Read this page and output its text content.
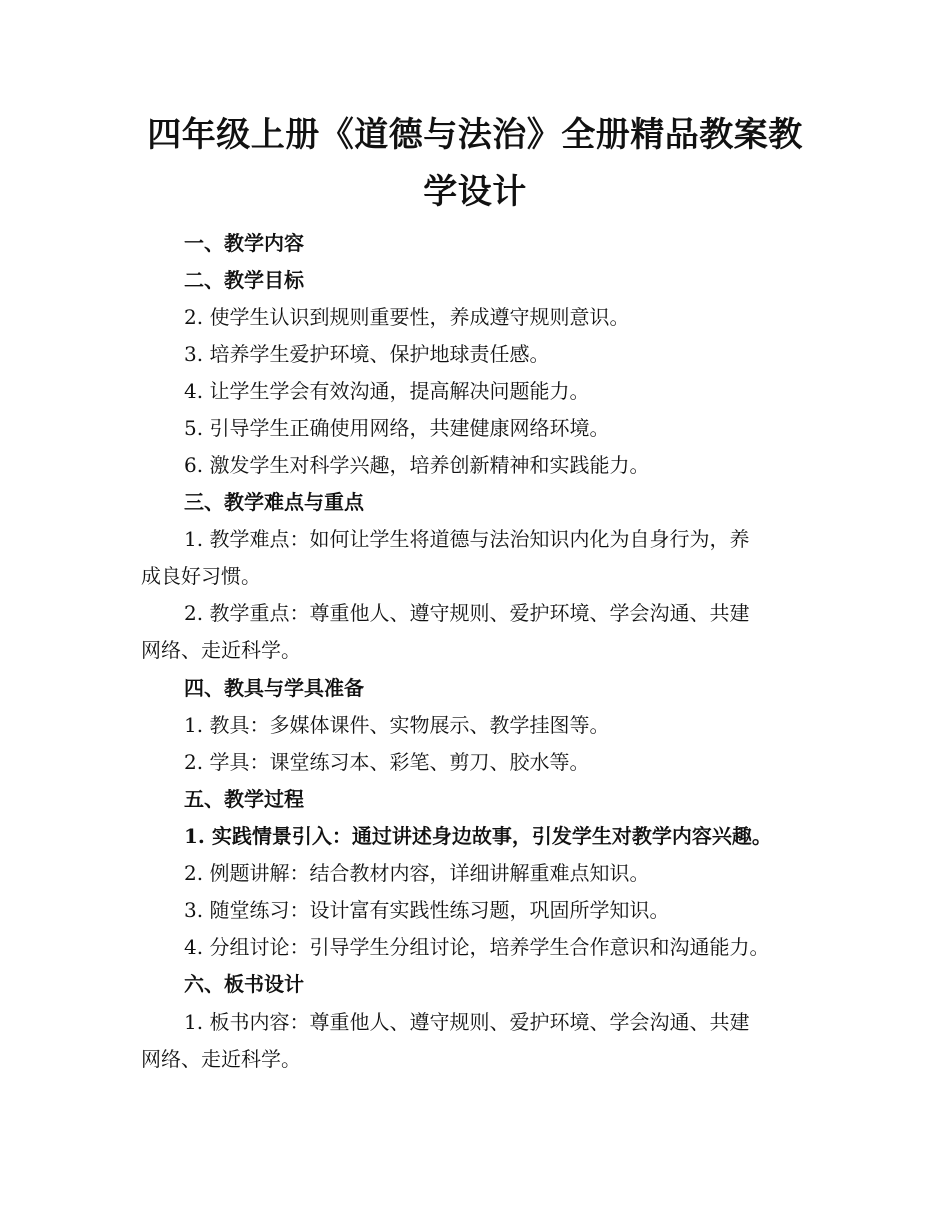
四年级上册《道德与法治》全册精品教案教
学设计
一、教学内容
二、教学目标
2. 使学生认识到规则重要性，养成遵守规则意识。
3. 培养学生爱护环境、保护地球责任感。
4. 让学生学会有效沟通，提高解决问题能力。
5. 引导学生正确使用网络，共建健康网络环境。
6. 激发学生对科学兴趣，培养创新精神和实践能力。
三、教学难点与重点
1. 教学难点：如何让学生将道德与法治知识内化为自身行为，养
成良好习惯。
2. 教学重点：尊重他人、遵守规则、爱护环境、学会沟通、共建
网络、走近科学。
四、教具与学具准备
1. 教具：多媒体课件、实物展示、教学挂图等。
2. 学具：课堂练习本、彩笔、剪刀、胶水等。
五、教学过程
1. 实践情景引入：通过讲述身边故事，引发学生对教学内容兴趣。
2. 例题讲解：结合教材内容，详细讲解重难点知识。
3. 随堂练习：设计富有实践性练习题，巩固所学知识。
4. 分组讨论：引导学生分组讨论，培养学生合作意识和沟通能力。
六、板书设计
1. 板书内容：尊重他人、遵守规则、爱护环境、学会沟通、共建
网络、走近科学。
